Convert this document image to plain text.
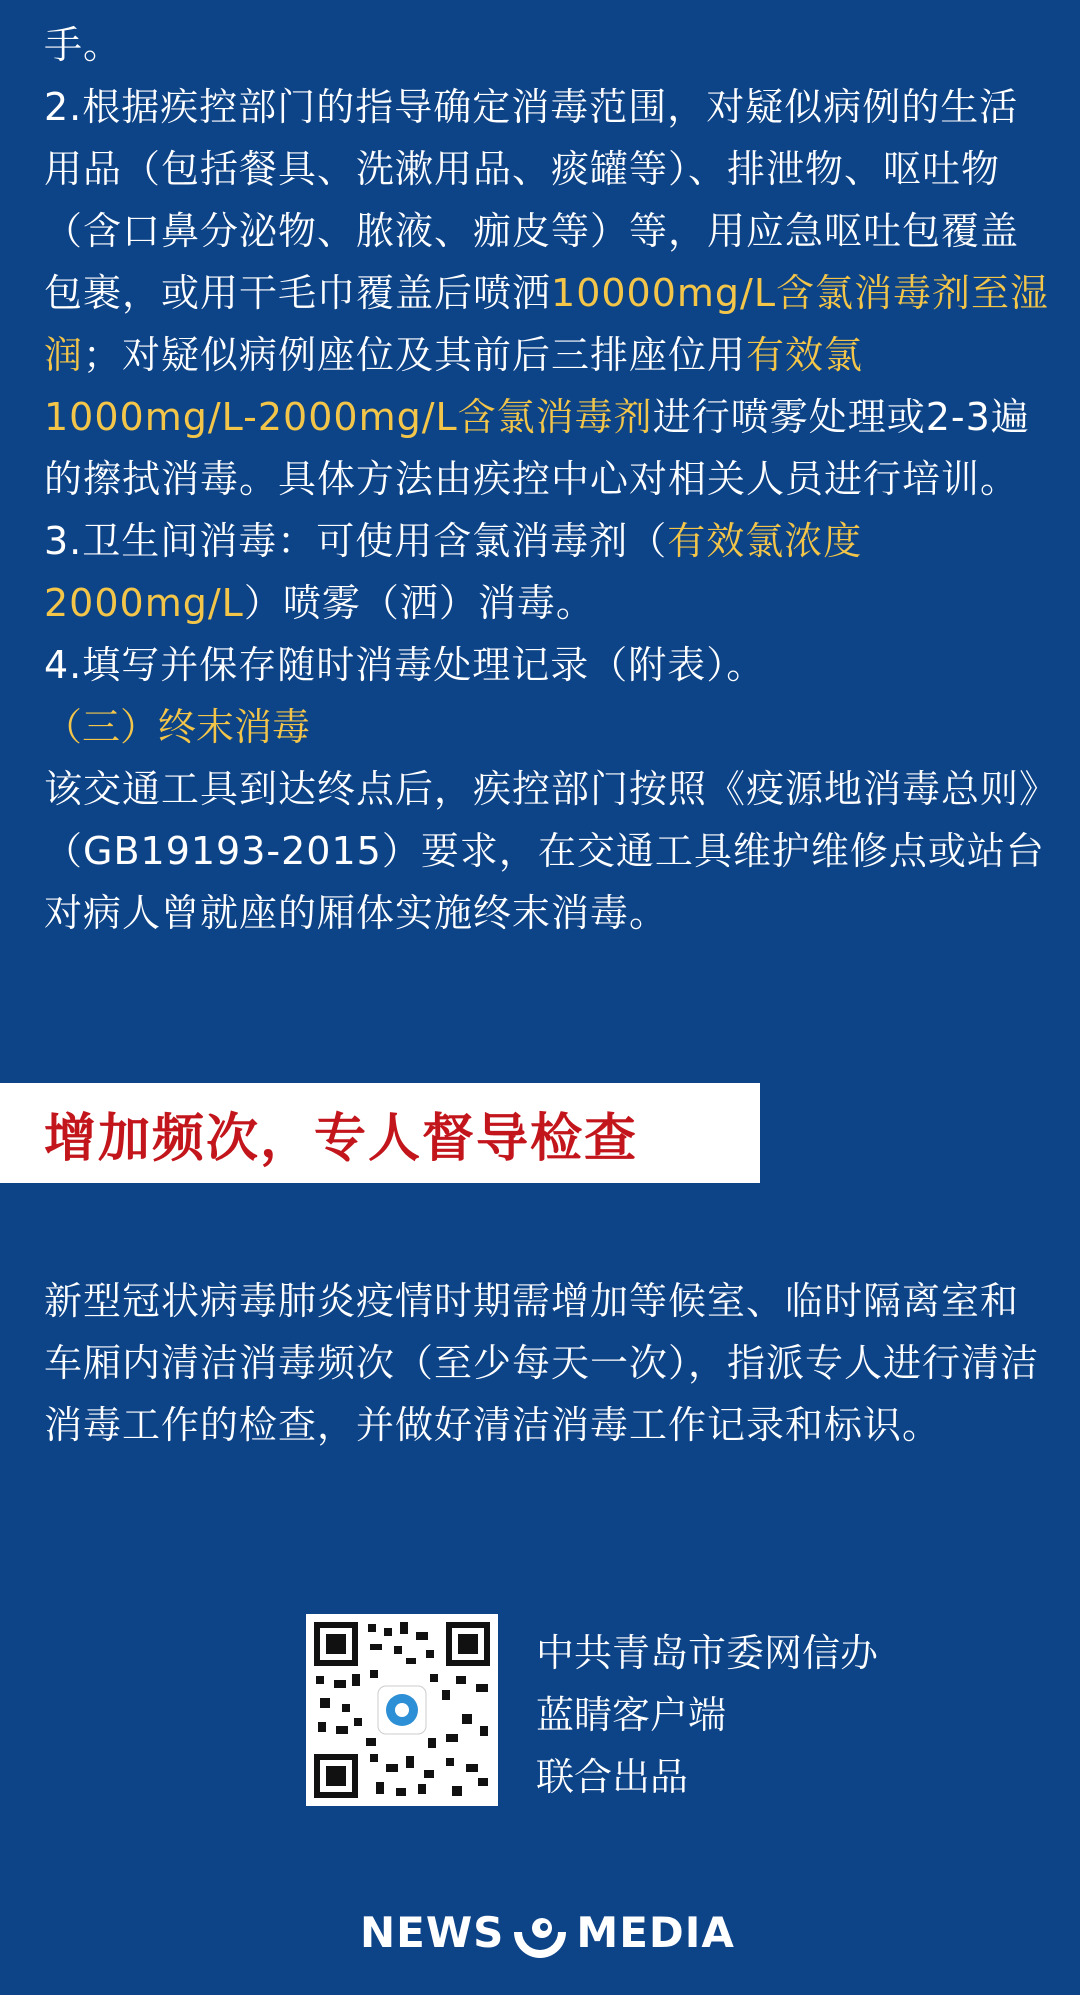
手。

2.根据疾控部门的指导确定消毒范围，对疑似病例的生活用品（包括餐具、洗漱用品、痰罐等）、排泄物、呕吐物（含口鼻分泌物、脓液、痂皮等）等，用应急呕吐包覆盖包裹，或用干毛巾覆盖后喷洒10000mg/L含氯消毒剂至湿润；对疑似病例座位及其前后三排座位用有效氯1000mg/L-2000mg/L含氯消毒剂进行喷雾处理或2-3遍的擦拭消毒。具体方法由疾控中心对相关人员进行培训。

3.卫生间消毒：可使用含氯消毒剂（有效氯浓度2000mg/L）喷雾（洒）消毒。

4.填写并保存随时消毒处理记录（附表）。

（三）终末消毒

该交通工具到达终点后，疾控部门按照《疫源地消毒总则》（GB19193-2015）要求，在交通工具维护维修点或站台对病人曾就座的厢体实施终末消毒。

增加频次，专人督导检查

新型冠状病毒肺炎疫情时期需增加等候室、临时隔离室和车厢内清洁消毒频次（至少每天一次），指派专人进行清洁消毒工作的检查，并做好清洁消毒工作记录和标识。

中共青岛市委网信办

蓝睛客户端

联合出品

NEWS MEDIA
